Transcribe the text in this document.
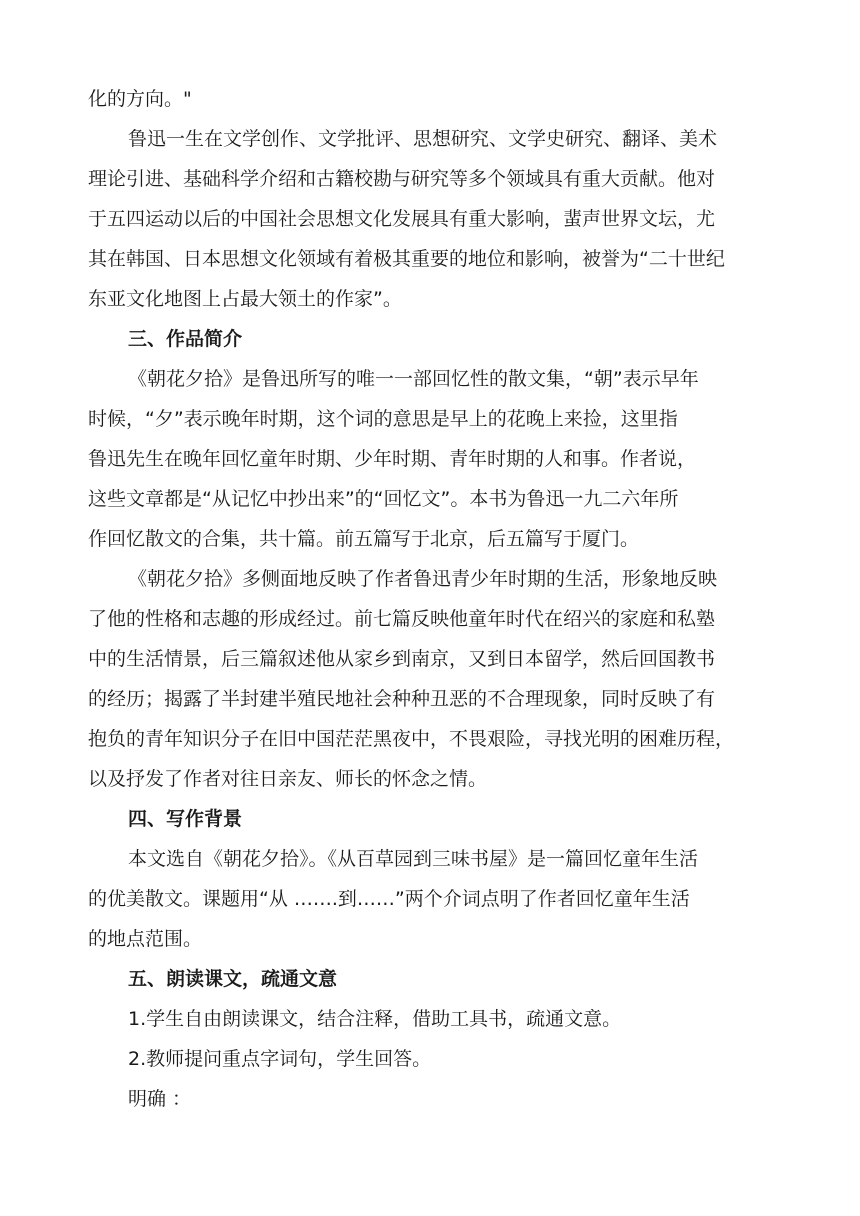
化的方向。"
鲁迅一生在文学创作、文学批评、思想研究、文学史研究、翻译、美术
理论引进、基础科学介绍和古籍校勘与研究等多个领域具有重大贡献。他对
于五四运动以后的中国社会思想文化发展具有重大影响，蜚声世界文坛，尤
其在韩国、日本思想文化领域有着极其重要的地位和影响，被誉为“二十世纪
东亚文化地图上占最大领土的作家”。
三、作品简介
《朝花夕拾》是鲁迅所写的唯一一部回忆性的散文集，“朝”表示早年
时候，“夕”表示晚年时期，这个词的意思是早上的花晚上来捡，这里指
鲁迅先生在晚年回忆童年时期、少年时期、青年时期的人和事。作者说，
这些文章都是“从记忆中抄出来”的“回忆文”。本书为鲁迅一九二六年所
作回忆散文的合集，共十篇。前五篇写于北京，后五篇写于厦门。
《朝花夕拾》多侧面地反映了作者鲁迅青少年时期的生活，形象地反映
了他的性格和志趣的形成经过。前七篇反映他童年时代在绍兴的家庭和私塾
中的生活情景，后三篇叙述他从家乡到南京，又到日本留学，然后回国教书
的经历；揭露了半封建半殖民地社会种种丑恶的不合理现象，同时反映了有
抱负的青年知识分子在旧中国茫茫黑夜中，不畏艰险，寻找光明的困难历程，
以及抒发了作者对往日亲友、师长的怀念之情。
四、写作背景
本文选自《朝花夕拾》。《从百草园到三味书屋》是一篇回忆童年生活
的优美散文。课题用“从 …….到……”两个介词点明了作者回忆童年生活
的地点范围。
五、朗读课文，疏通文意
1.学生自由朗读课文，结合注释，借助工具书，疏通文意。
2.教师提问重点字词句，学生回答。
明确 ：
